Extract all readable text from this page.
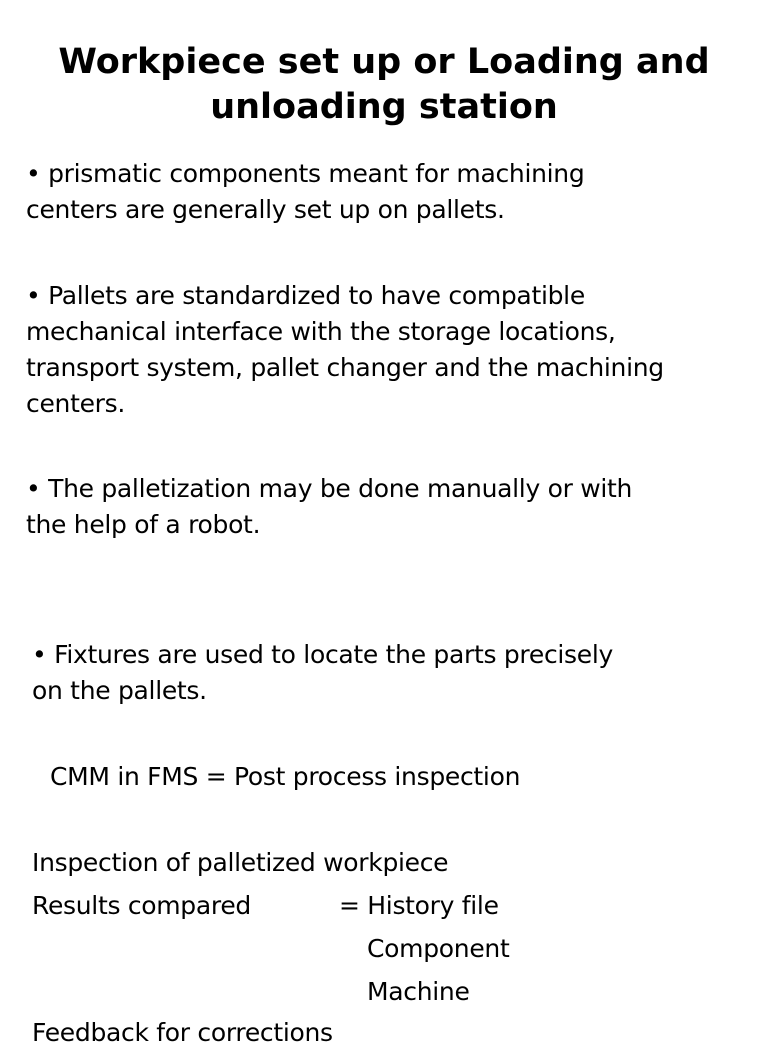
Workpiece set up or Loading and
unloading station

• prismatic components meant for machining
centers are generally set up on pallets.

• Pallets are standardized to have compatible
mechanical interface with the storage locations,
transport system, pallet changer and the machining
centers.

• The palletization may be done manually or with
the help of a robot.

• Fixtures are used to locate the parts precisely
on the pallets.

CMM in FMS = Post process inspection

Inspection of palletized workpiece
Results compared	= History file
Component
Machine
Feedback for corrections
